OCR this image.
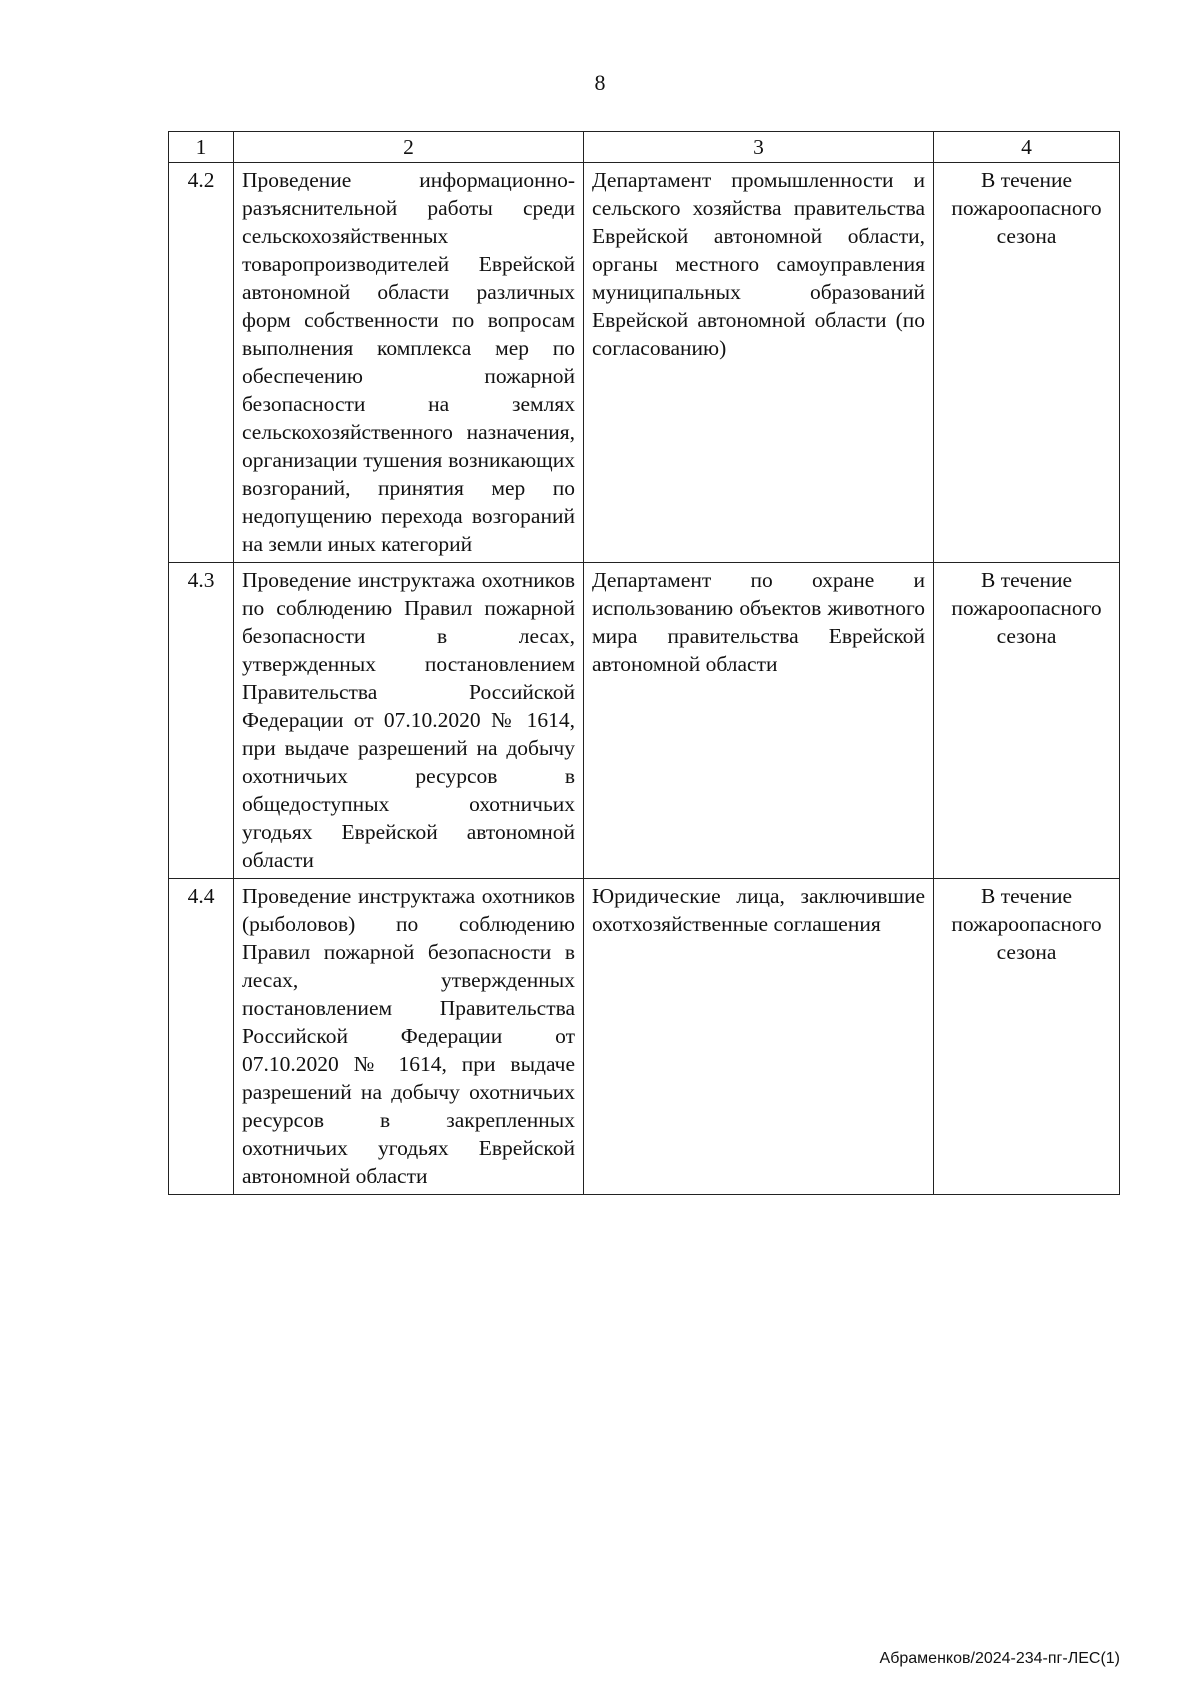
8
1	2	3	4
4.2	Проведение информационно-разъяснительной работы среди сельскохозяйственных товаропроизводителей Еврейской автономной области различных форм собственности по вопросам выполнения комплекса мер по обеспечению пожарной безопасности на землях сельскохозяйственного назначения, организации тушения возникающих возгораний, принятия мер по недопущению перехода возгораний на земли иных категорий	Департамент промышленности и сельского хозяйства правительства Еврейской автономной области, органы местного самоуправления муниципальных образований Еврейской автономной области (по согласованию)	В течение пожароопасного сезона
4.3	Проведение инструктажа охотников по соблюдению Правил пожарной безопасности в лесах, утвержденных постановлением Правительства Российской Федерации от 07.10.2020 № 1614, при выдаче разрешений на добычу охотничьих ресурсов в общедоступных охотничьих угодьях Еврейской автономной области	Департамент по охране и использованию объектов животного мира правительства Еврейской автономной области	В течение пожароопасного сезона
4.4	Проведение инструктажа охотников (рыболовов) по соблюдению Правил пожарной безопасности в лесах, утвержденных постановлением Правительства Российской Федерации от 07.10.2020 № 1614, при выдаче разрешений на добычу охотничьих ресурсов в закрепленных охотничьих угодьях Еврейской автономной области	Юридические лица, заключившие охотхозяйственные соглашения	В течение пожароопасного сезона
Абраменков/2024-234-пг-ЛЕС(1)
